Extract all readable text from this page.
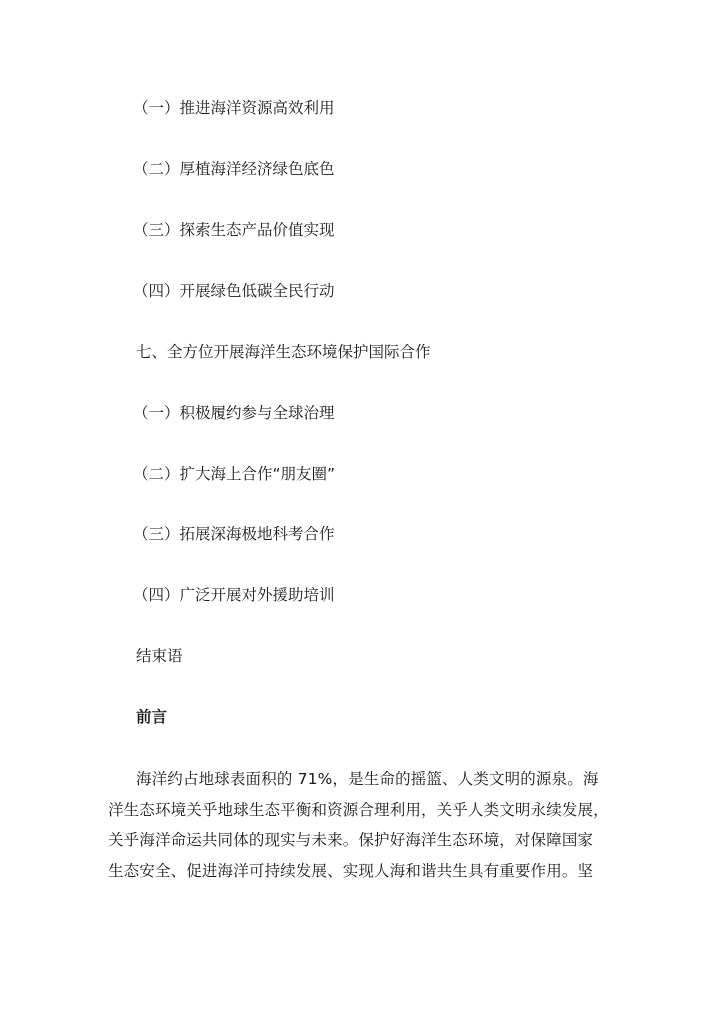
（一）推进海洋资源高效利用
（二）厚植海洋经济绿色底色
（三）探索生态产品价值实现
（四）开展绿色低碳全民行动
七、全方位开展海洋生态环境保护国际合作
（一）积极履约参与全球治理
（二）扩大海上合作“朋友圈”
（三）拓展深海极地科考合作
（四）广泛开展对外援助培训
结束语
前言
海洋约占地球表面积的 71%，是生命的摇篮、人类文明的源泉。海
洋生态环境关乎地球生态平衡和资源合理利用，关乎人类文明永续发展，
关乎海洋命运共同体的现实与未来。保护好海洋生态环境，对保障国家
生态安全、促进海洋可持续发展、实现人海和谐共生具有重要作用。坚
